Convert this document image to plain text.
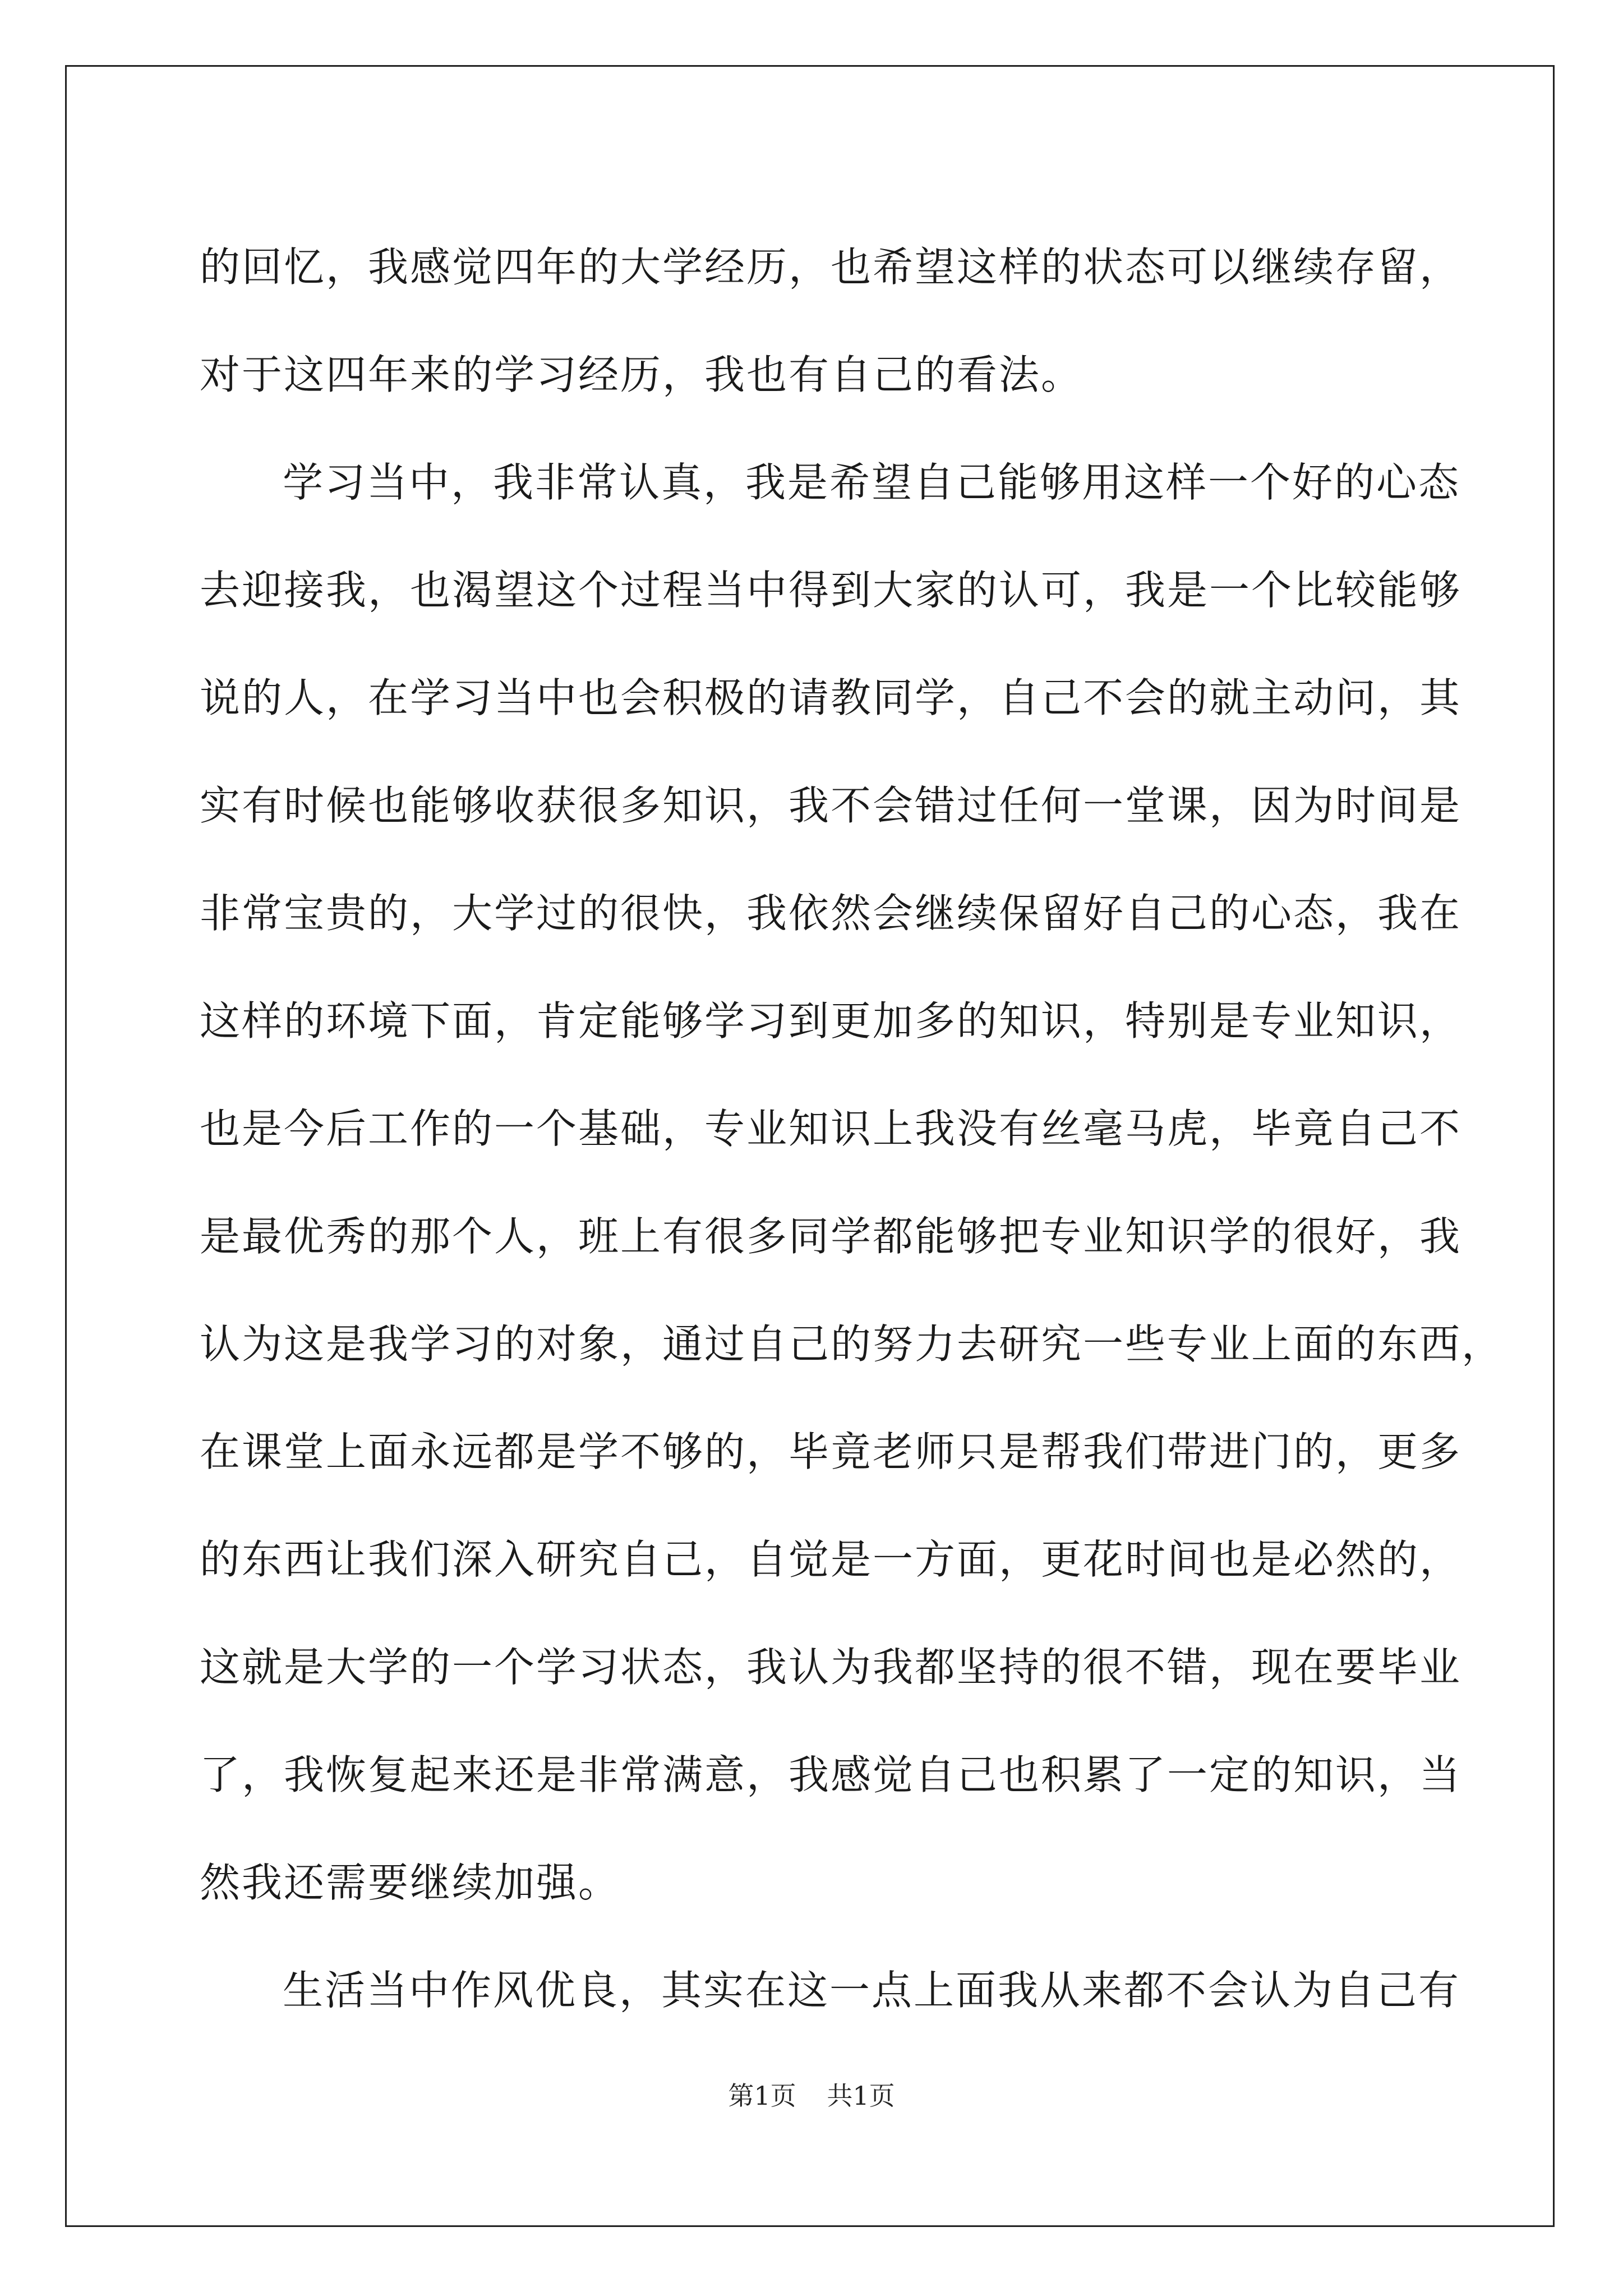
的回忆，我感觉四年的大学经历，也希望这样的状态可以继续存留，
对于这四年来的学习经历，我也有自己的看法。
学习当中，我非常认真，我是希望自己能够用这样一个好的心态
去迎接我，也渴望这个过程当中得到大家的认可，我是一个比较能够
说的人，在学习当中也会积极的请教同学，自己不会的就主动问，其
实有时候也能够收获很多知识，我不会错过任何一堂课，因为时间是
非常宝贵的，大学过的很快，我依然会继续保留好自己的心态，我在
这样的环境下面，肯定能够学习到更加多的知识，特别是专业知识，
也是今后工作的一个基础，专业知识上我没有丝毫马虎，毕竟自己不
是最优秀的那个人，班上有很多同学都能够把专业知识学的很好，我
认为这是我学习的对象，通过自己的努力去研究一些专业上面的东西，
在课堂上面永远都是学不够的，毕竟老师只是帮我们带进门的，更多
的东西让我们深入研究自己，自觉是一方面，更花时间也是必然的，
这就是大学的一个学习状态，我认为我都坚持的很不错，现在要毕业
了，我恢复起来还是非常满意，我感觉自己也积累了一定的知识，当
然我还需要继续加强。
生活当中作风优良，其实在这一点上面我从来都不会认为自己有
第1页 共1页
